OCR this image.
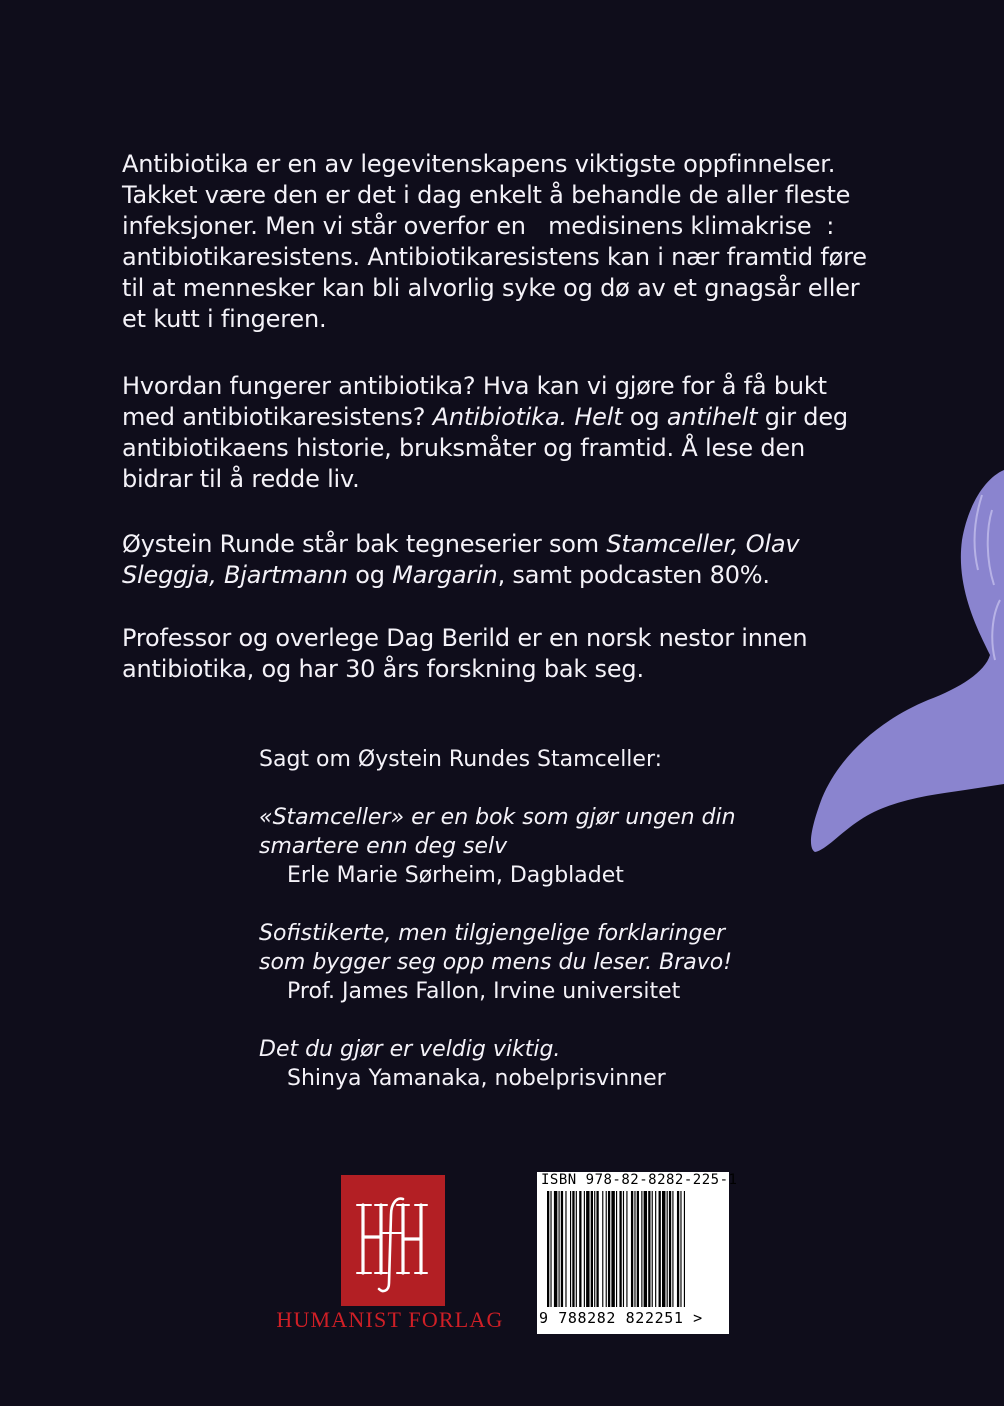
Antibiotika er en av legevitenskapens viktigste oppfinnelser.
Takket være den er det i dag enkelt å behandle de aller fleste
infeksjoner. Men vi står overfor en   medisinens klimakrise  :
antibiotikaresistens. Antibiotikaresistens kan i nær framtid føre
til at mennesker kan bli alvorlig syke og dø av et gnagsår eller
et kutt i fingeren.
Hvordan fungerer antibiotika? Hva kan vi gjøre for å få bukt
med antibiotikaresistens? Antibiotika. Helt og antihelt gir deg
antibiotikaens historie, bruksmåter og framtid. Å lese den
bidrar til å redde liv.
Øystein Runde står bak tegneserier som Stamceller, Olav
Sleggja, Bjartmann og Margarin, samt podcasten 80%.
Professor og overlege Dag Berild er en norsk nestor innen
antibiotika, og har 30 års forskning bak seg.
Sagt om Øystein Rundes Stamceller:
«Stamceller» er en bok som gjør ungen din
smartere enn deg selv
Erle Marie Sørheim, Dagbladet
Sofistikerte, men tilgjengelige forklaringer
som bygger seg opp mens du leser. Bravo!
Prof. James Fallon, Irvine universitet
Det du gjør er veldig viktig.
Shinya Yamanaka, nobelprisvinner
HUMANIST FORLAG
ISBN 978-82-8282-225-1
9 788282 822251 >
